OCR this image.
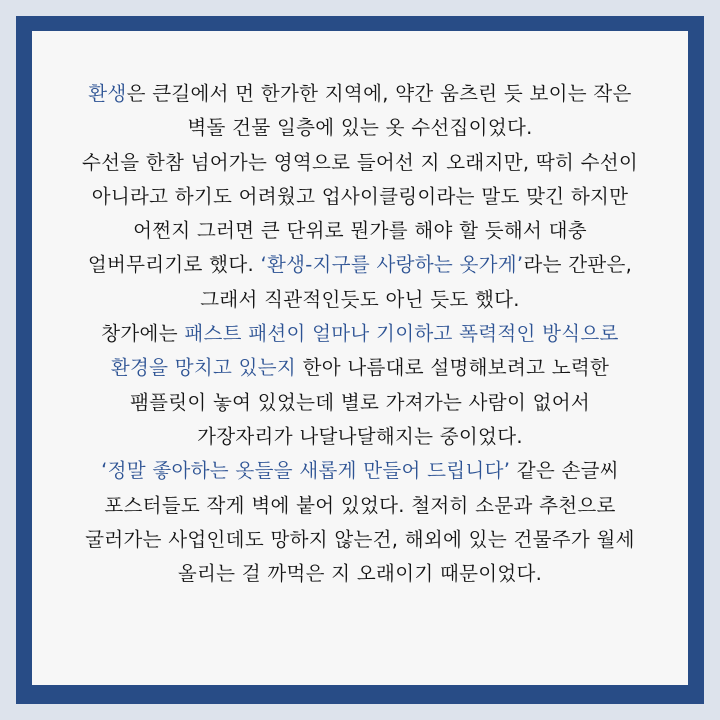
환생은 큰길에서 먼 한가한 지역에, 약간 움츠린 듯 보이는 작은
벽돌 건물 일층에 있는 옷 수선집이었다.
수선을 한참 넘어가는 영역으로 들어선 지 오래지만, 딱히 수선이
아니라고 하기도 어려웠고 업사이클링이라는 말도 맞긴 하지만
어쩐지 그러면 큰 단위로 뭔가를 해야 할 듯해서 대충
얼버무리기로 했다. ‘환생-지구를 사랑하는 옷가게’라는 간판은,
그래서 직관적인듯도 아닌 듯도 했다.
창가에는 패스트 패션이 얼마나 기이하고 폭력적인 방식으로
환경을 망치고 있는지 한아 나름대로 설명해보려고 노력한
팸플릿이 놓여 있었는데 별로 가져가는 사람이 없어서
가장자리가 나달나달해지는 중이었다.
‘정말 좋아하는 옷들을 새롭게 만들어 드립니다’ 같은 손글씨
포스터들도 작게 벽에 붙어 있었다. 철저히 소문과 추천으로
굴러가는 사업인데도 망하지 않는건, 해외에 있는 건물주가 월세
올리는 걸 까먹은 지 오래이기 때문이었다.
